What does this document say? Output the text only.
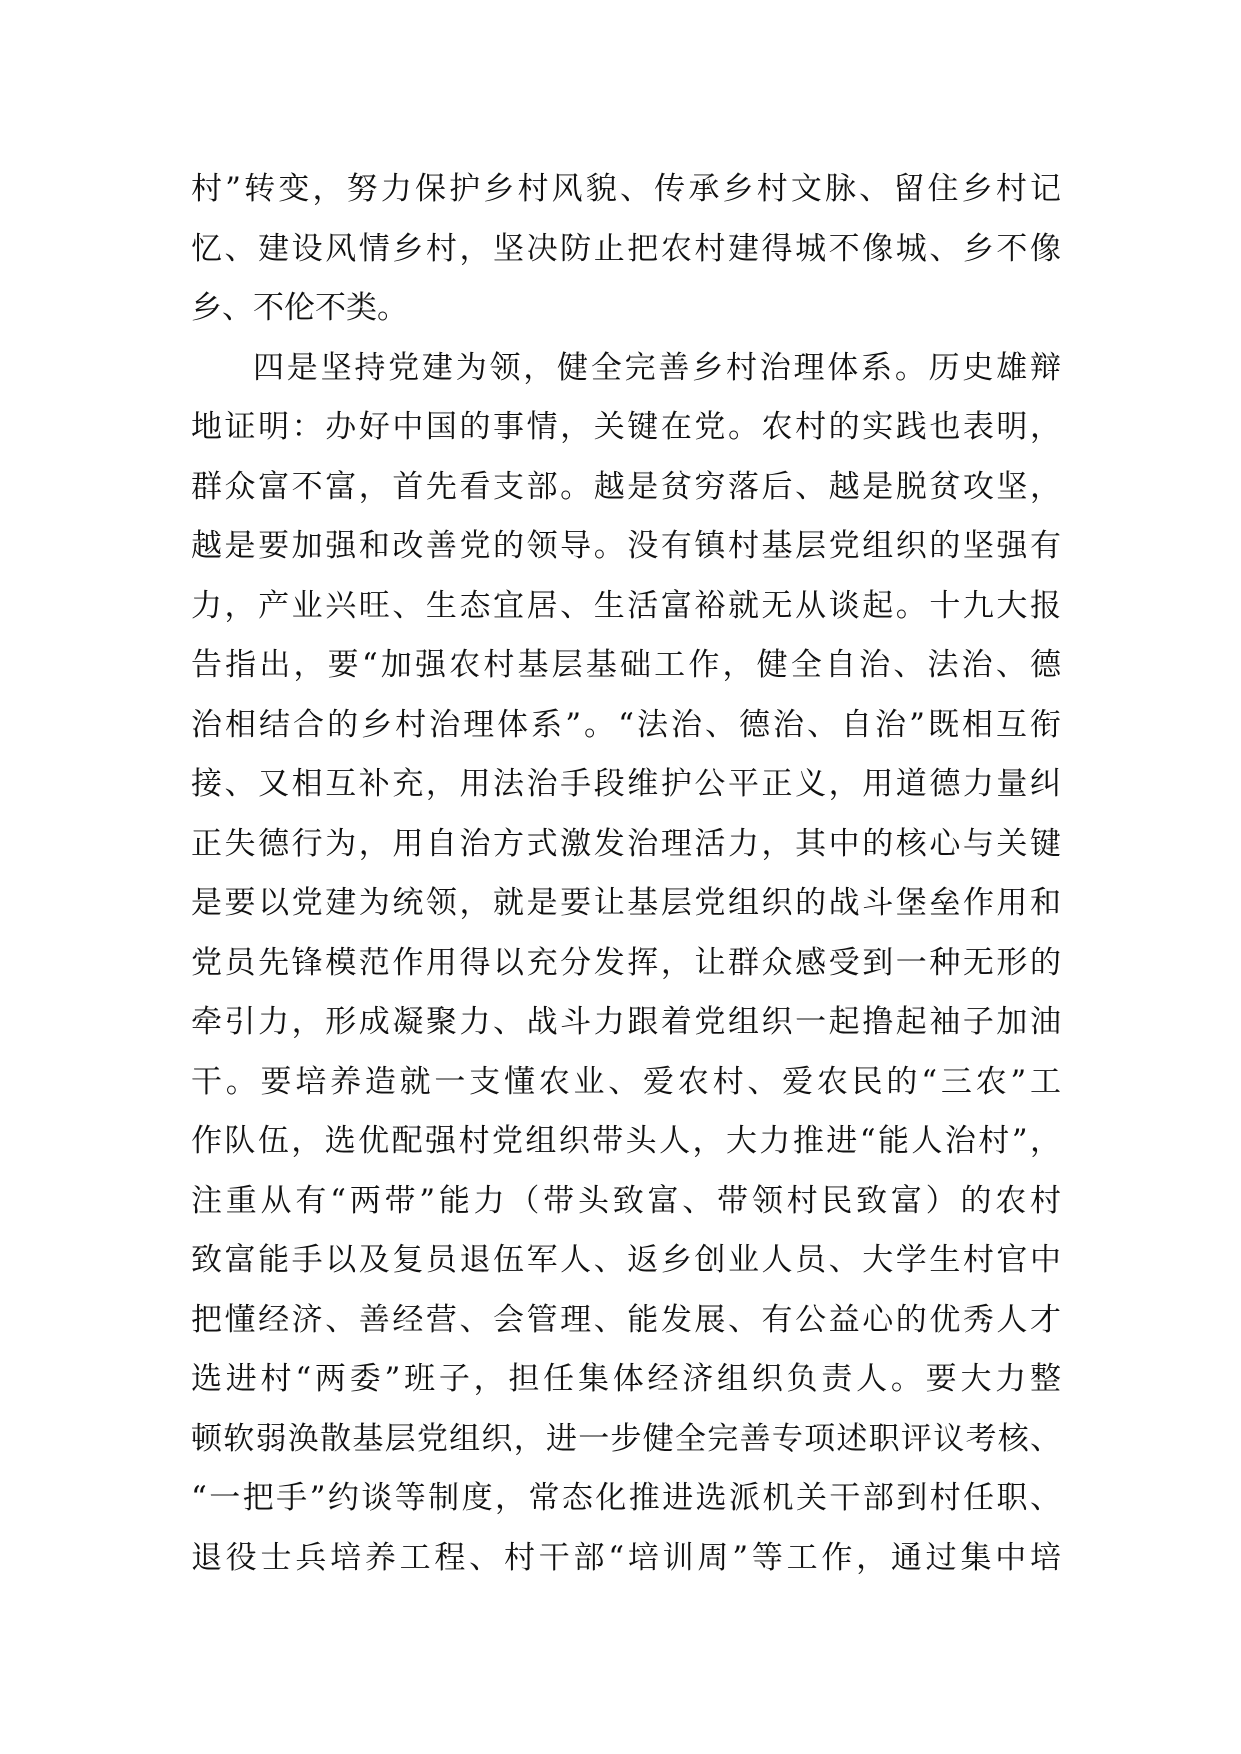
村”转变，努力保护乡村风貌、传承乡村文脉、留住乡村记
忆、建设风情乡村，坚决防止把农村建得城不像城、乡不像
乡、不伦不类。
四是坚持党建为领，健全完善乡村治理体系。历史雄辩
地证明：办好中国的事情，关键在党。农村的实践也表明，
群众富不富，首先看支部。越是贫穷落后、越是脱贫攻坚，
越是要加强和改善党的领导。没有镇村基层党组织的坚强有
力，产业兴旺、生态宜居、生活富裕就无从谈起。十九大报
告指出，要“加强农村基层基础工作，健全自治、法治、德
治相结合的乡村治理体系”。“法治、德治、自治”既相互衔
接、又相互补充，用法治手段维护公平正义，用道德力量纠
正失德行为，用自治方式激发治理活力，其中的核心与关键
是要以党建为统领，就是要让基层党组织的战斗堡垒作用和
党员先锋模范作用得以充分发挥，让群众感受到一种无形的
牵引力，形成凝聚力、战斗力跟着党组织一起撸起袖子加油
干。要培养造就一支懂农业、爱农村、爱农民的“三农”工
作队伍，选优配强村党组织带头人，大力推进“能人治村”，
注重从有“两带”能力（带头致富、带领村民致富）的农村
致富能手以及复员退伍军人、返乡创业人员、大学生村官中
把懂经济、善经营、会管理、能发展、有公益心的优秀人才
选进村“两委”班子，担任集体经济组织负责人。要大力整
顿软弱涣散基层党组织，进一步健全完善专项述职评议考核、
“一把手”约谈等制度，常态化推进选派机关干部到村任职、
退役士兵培养工程、村干部“培训周”等工作，通过集中培
